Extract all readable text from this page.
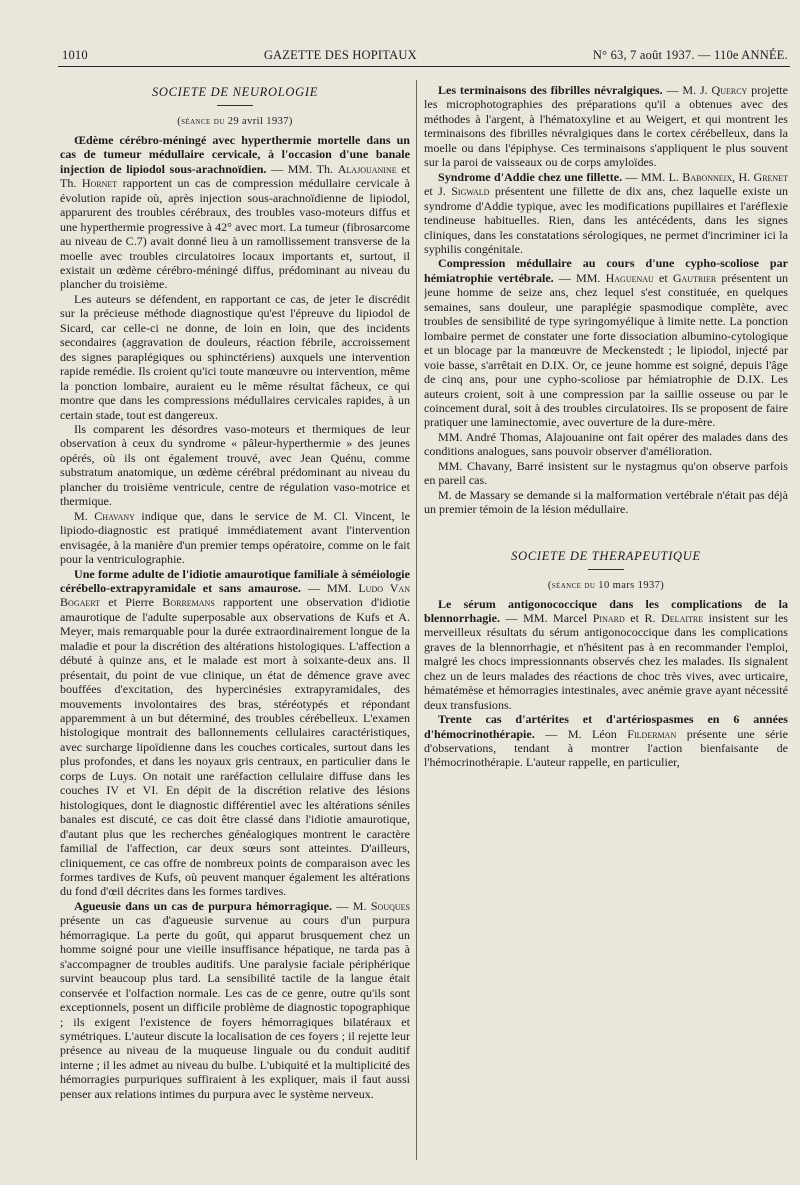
1010	GAZETTE DES HOPITAUX	N° 63, 7 août 1937. — 110e ANNÉE.
SOCIETE DE NEUROLOGIE
(séance du 29 avril 1937)

Œdème cérébro-méningé avec hyperthermie mortelle dans un cas de tumeur médullaire cervicale, à l'occasion d'une banale injection de lipiodol sous-arachnoïdien. — MM. Th. Alajouanine et Th. Hornet rapportent un cas de compression médullaire cervicale à évolution rapide où, après injection sous-arachnoïdienne de lipiodol, apparurent des troubles cérébraux, des troubles vaso-moteurs diffus et une hyperthermie progressive à 42° avec mort. La tumeur (fibrosarcome au niveau de C.7) avait donné lieu à un ramollissement transverse de la moelle avec troubles circulatoires locaux importants et, surtout, il existait un œdème cérébro-méningé diffus, prédominant au niveau du plancher du troisième.

Les auteurs se défendent, en rapportant ce cas, de jeter le discrédit sur la précieuse méthode diagnostique qu'est l'épreuve du lipiodol de Sicard, car celle-ci ne donne, de loin en loin, que des incidents secondaires (aggravation de douleurs, réaction fébrile, accroissement des signes paraplégiques ou sphinctériens) auxquels une intervention rapide remédie. Ils croient qu'ici toute manœuvre ou intervention, même la ponction lombaire, auraient eu le même résultat fâcheux, ce qui montre que dans les compressions médullaires cervicales rapides, à un certain stade, tout est dangereux.

Ils comparent les désordres vaso-moteurs et thermiques de leur observation à ceux du syndrome « pâleur-hyperthermie » des jeunes opérés, où ils ont également trouvé, avec Jean Quénu, comme substratum anatomique, un œdème cérébral prédominant au niveau du plancher du troisième ventricule, centre de régulation vaso-motrice et thermique.

M. Chavany indique que, dans le service de M. Cl. Vincent, le lipiodo-diagnostic est pratiqué immédiatement avant l'intervention envisagée, à la manière d'un premier temps opératoire, comme on le fait pour la ventriculographie.

Une forme adulte de l'idiotie amaurotique familiale à séméiologie cérébello-extrapyramidale et sans amaurose. — MM. Ludo Van Bogaert et Pierre Borremans rapportent une observation d'idiotie amaurotique de l'adulte superposable aux observations de Kufs et A. Meyer, mais remarquable pour la durée extraordinairement longue de la maladie et pour la discrétion des altérations histologiques. L'affection a débuté à quinze ans, et le malade est mort à soixante-deux ans. Il présentait, du point de vue clinique, un état de démence grave avec bouffées d'excitation, des hypercinésies extrapyramidales, des mouvements involontaires des bras, stéréotypés et répondant apparemment à un but déterminé, des troubles cérébelleux. L'examen histologique montrait des ballonnements cellulaires caractéristiques, avec surcharge lipoïdienne dans les couches corticales, surtout dans les plus profondes, et dans les noyaux gris centraux, en particulier dans le corps de Luys. On notait une raréfaction cellulaire diffuse dans les couches IV et VI. En dépit de la discrétion relative des lésions histologiques, dont le diagnostic différentiel avec les altérations séniles banales est discuté, ce cas doit être classé dans l'idiotie amaurotique, d'autant plus que les recherches généalogiques montrent le caractère familial de l'affection, car deux sœurs sont atteintes. D'ailleurs, cliniquement, ce cas offre de nombreux points de comparaison avec les formes tardives de Kufs, où peuvent manquer également les altérations du fond d'œil décrites dans les formes tardives.

Agueusie dans un cas de purpura hémorragique. — M. Souques présente un cas d'agueusie survenue au cours d'un purpura hémorragique. La perte du goût, qui apparut brusquement chez un homme soigné pour une vieille insuffisance hépatique, ne tarda pas à s'accompagner de troubles auditifs. Une paralysie faciale périphérique survint beaucoup plus tard. La sensibilité tactile de la langue était conservée et l'olfaction normale. Les cas de ce genre, outre qu'ils sont exceptionnels, posent un difficile problème de diagnostic topographique ; ils exigent l'existence de foyers hémorragiques bilatéraux et symétriques. L'auteur discute la localisation de ces foyers ; il rejette leur présence au niveau de la muqueuse linguale ou du conduit auditif interne ; il les admet au niveau du bulbe. L'ubiquité et la multiplicité des hémorragies purpuriques suffiraient à les expliquer, mais il faut aussi penser aux relations intimes du purpura avec le système nerveux.

Les terminaisons des fibrilles névralgiques. — M. J. Quercy projette les microphotographies des préparations qu'il a obtenues avec des méthodes à l'argent, à l'hématoxyline et au Weigert, et qui montrent les terminaisons des fibrilles névralgiques dans le cortex cérébelleux, dans la moelle ou dans l'épiphyse. Ces terminaisons s'appliquent le plus souvent sur la paroi de vaisseaux ou de corps amyloïdes.

Syndrome d'Addie chez une fillette. — MM. L. Babonneix, H. Grenet et J. Sigwald présentent une fillette de dix ans, chez laquelle existe un syndrome d'Addie typique, avec les modifications pupillaires et l'aréflexie tendineuse habituelles. Rien, dans les antécédents, dans les signes cliniques, dans les constatations sérologiques, ne permet d'incriminer ici la syphilis congénitale.

Compression médullaire au cours d'une cypho-scoliose par hémiatrophie vertébrale. — MM. Haguenau et Gautrier présentent un jeune homme de seize ans, chez lequel s'est constituée, en quelques semaines, sans douleur, une paraplégie spasmodique complète, avec troubles de sensibilité de type syringomyélique à limite nette. La ponction lombaire permet de constater une forte dissociation albumino-cytologique et un blocage par la manœuvre de Meckenstedt ; le lipiodol, injecté par voie basse, s'arrêtait en D.IX. Or, ce jeune homme est soigné, depuis l'âge de cinq ans, pour une cypho-scoliose par hémiatrophie de D.IX. Les auteurs croient, soit à une compression par la saillie osseuse ou par le coincement dural, soit à des troubles circulatoires. Ils se proposent de faire pratiquer une laminectomie, avec ouverture de la dure-mère.

MM. André Thomas, Alajouanine ont fait opérer des malades dans des conditions analogues, sans pouvoir observer d'amélioration.

MM. Chavany, Barré insistent sur le nystagmus qu'on observe parfois en pareil cas.

M. de Massary se demande si la malformation vertébrale n'était pas déjà un premier témoin de la lésion médullaire.

SOCIETE DE THERAPEUTIQUE
(séance du 10 mars 1937)

Le sérum antigonococcique dans les complications de la blennorrhagie. — MM. Marcel Pinard et R. Delaitre insistent sur les merveilleux résultats du sérum antigonococcique dans les complications graves de la blennorrhagie, et n'hésitent pas à en recommander l'emploi, malgré les chocs impressionnants observés chez les malades. Ils signalent chez un de leurs malades des réactions de choc très vives, avec urticaire, hématémèse et hémorragies intestinales, avec anémie grave ayant nécessité deux transfusions.

Trente cas d'artérites et d'artériospasmes en 6 années d'hémocrinothérapie. — M. Léon Filderman présente une série d'observations, tendant à montrer l'action bienfaisante de l'hémocrinothérapie. L'auteur rappelle, en particulier,
